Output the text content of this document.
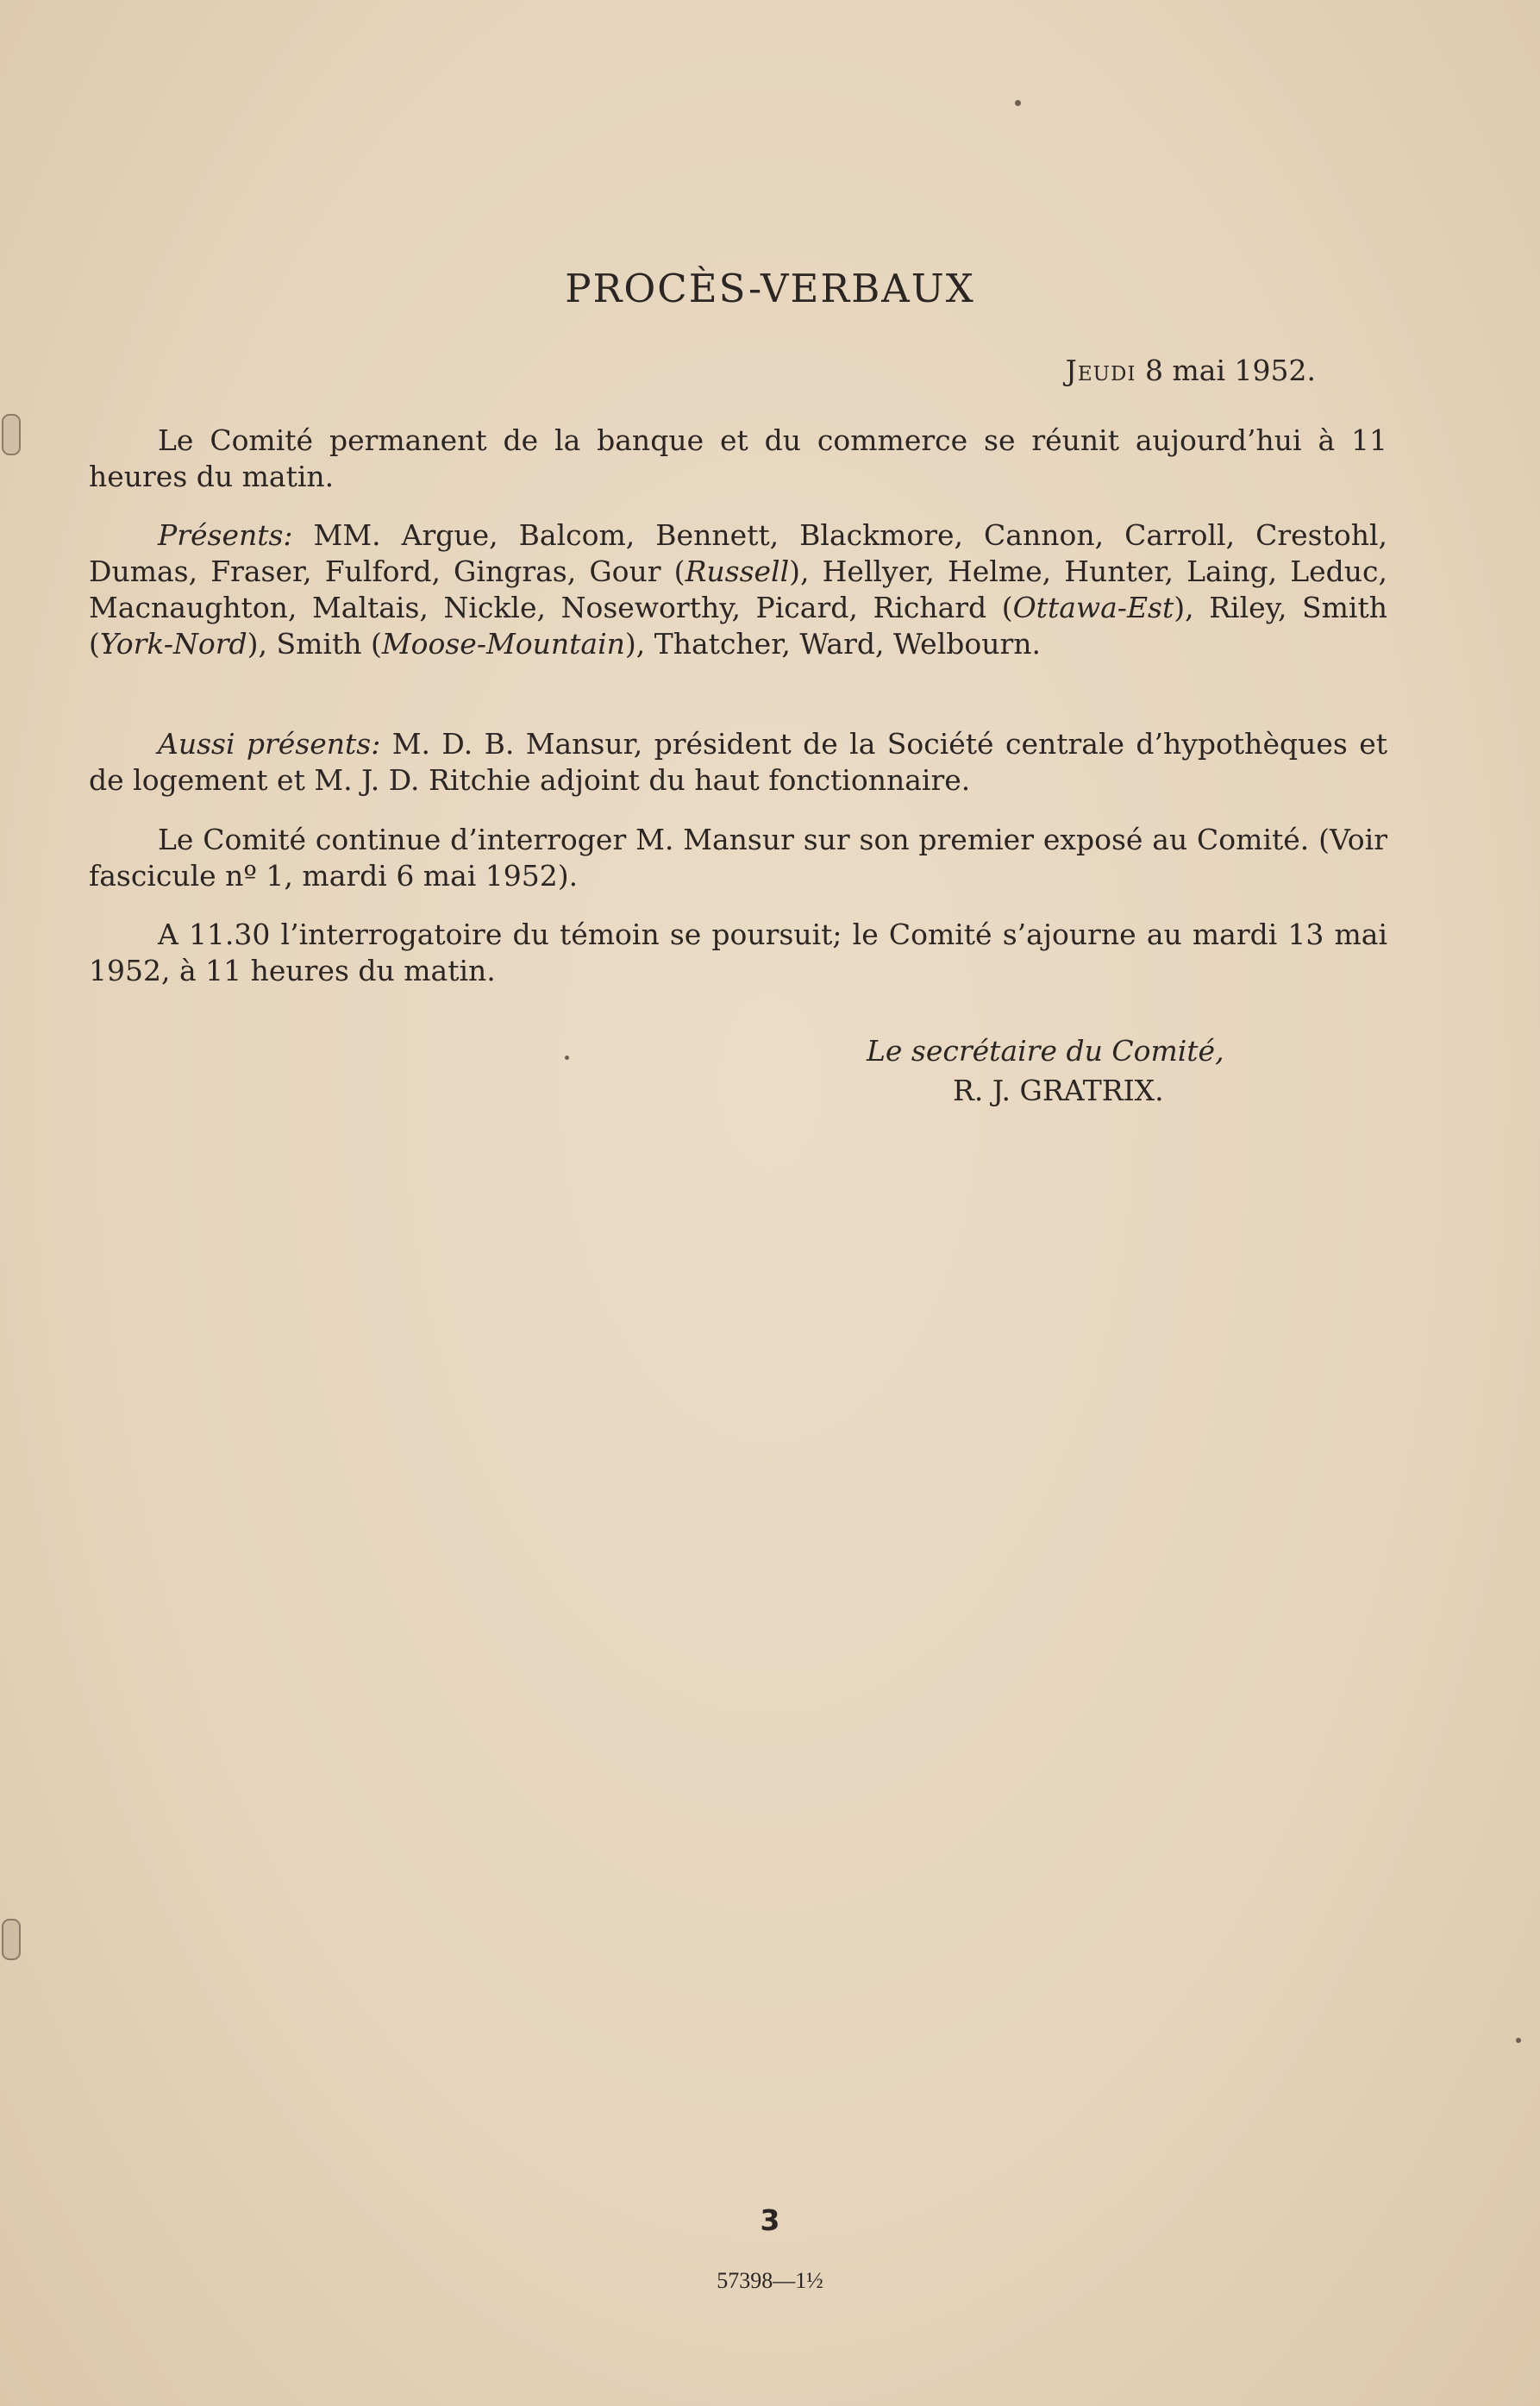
PROCÈS-VERBAUX

Jeudi 8 mai 1952.

Le Comité permanent de la banque et du commerce se réunit aujourd’hui à 11 heures du matin.

Présents: MM. Argue, Balcom, Bennett, Blackmore, Cannon, Carroll, Crestohl, Dumas, Fraser, Fulford, Gingras, Gour (Russell), Hellyer, Helme, Hunter, Laing, Leduc, Macnaughton, Maltais, Nickle, Noseworthy, Picard, Richard (Ottawa-Est), Riley, Smith (York-Nord), Smith (Moose-Mountain), Thatcher, Ward, Welbourn.

Aussi présents: M. D. B. Mansur, président de la Société centrale d’hypothèques et de logement et M. J. D. Ritchie adjoint du haut fonctionnaire.

Le Comité continue d’interroger M. Mansur sur son premier exposé au Comité. (Voir fascicule nº 1, mardi 6 mai 1952).

A 11.30 l’interrogatoire du témoin se poursuit; le Comité s’ajourne au mardi 13 mai 1952, à 11 heures du matin.

Le secrétaire du Comité,
R. J. GRATRIX.
3
57398—1½
